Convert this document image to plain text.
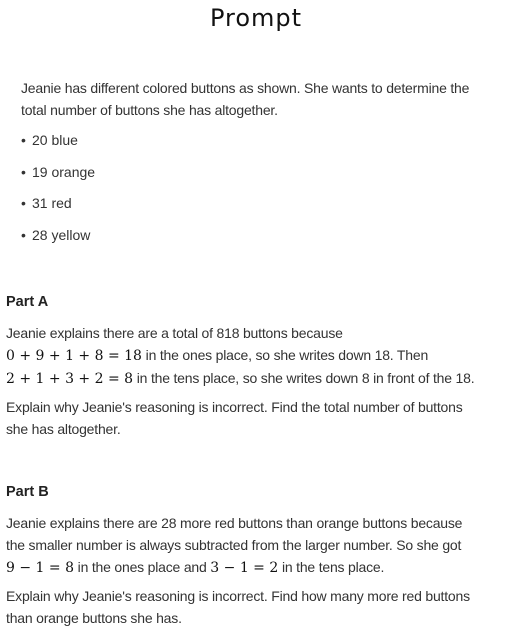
Prompt

Jeanie has different colored buttons as shown. She wants to determine the

total number of buttons she has altogether.

• 20 blue
• 19 orange
• 31 red
• 28 yellow
Part A

Jeanie explains there are a total of 818 buttons because
0 + 9 + 1 + 8 = 18 in the ones place, so she writes down 18. Then
2 + 1 + 3 + 2 = 8 in the tens place, so she writes down 8 in front of the 18.

Explain why Jeanie's reasoning is incorrect. Find the total number of buttons
she has altogether.

Part B

Jeanie explains there are 28 more red buttons than orange buttons because
the smaller number is always subtracted from the larger number. So she got
9 − 1 = 8 in the ones place and 3 − 1 = 2 in the tens place.

Explain why Jeanie's reasoning is incorrect. Find how many more red buttons
than orange buttons she has.
